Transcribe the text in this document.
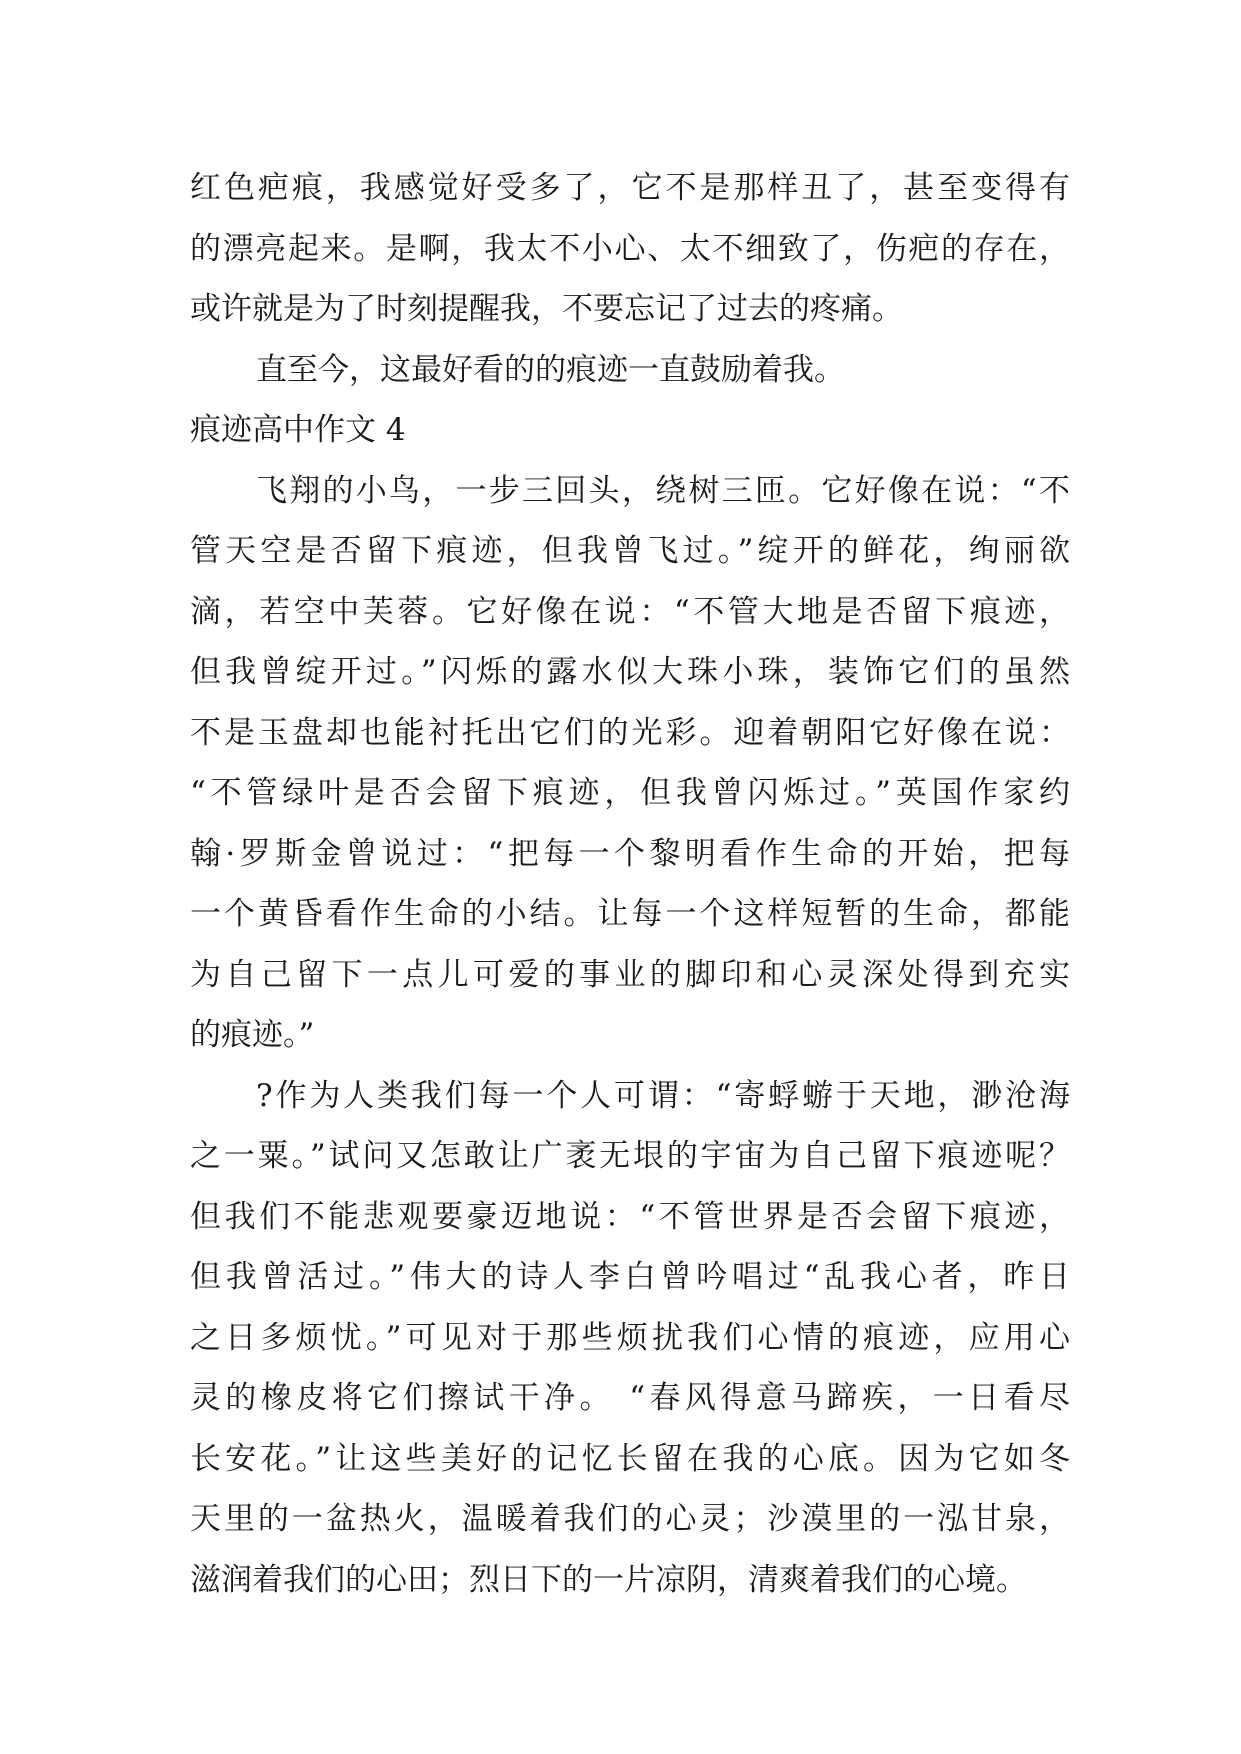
红色疤痕，我感觉好受多了，它不是那样丑了，甚至变得有
的漂亮起来。是啊，我太不小心、太不细致了，伤疤的存在，
或许就是为了时刻提醒我，不要忘记了过去的疼痛。
直至今，这最好看的的痕迹一直鼓励着我。
痕迹高中作文 4
飞翔的小鸟，一步三回头，绕树三匝。它好像在说：“不
管天空是否留下痕迹，但我曾飞过。”绽开的鲜花，绚丽欲
滴，若空中芙蓉。它好像在说：“不管大地是否留下痕迹，
但我曾绽开过。”闪烁的露水似大珠小珠，装饰它们的虽然
不是玉盘却也能衬托出它们的光彩。迎着朝阳它好像在说：
“不管绿叶是否会留下痕迹，但我曾闪烁过。”英国作家约
翰·罗斯金曾说过：“把每一个黎明看作生命的开始，把每
一个黄昏看作生命的小结。让每一个这样短暂的生命，都能
为自己留下一点儿可爱的事业的脚印和心灵深处得到充实
的痕迹。”
?作为人类我们每一个人可谓：“寄蜉蝣于天地，渺沧海
之一粟。”试问又怎敢让广袤无垠的宇宙为自己留下痕迹呢？
但我们不能悲观要豪迈地说：“不管世界是否会留下痕迹，
但我曾活过。”伟大的诗人李白曾吟唱过“乱我心者，昨日
之日多烦忧。”可见对于那些烦扰我们心情的痕迹，应用心
灵的橡皮将它们擦试干净。 “春风得意马蹄疾，一日看尽
长安花。”让这些美好的记忆长留在我的心底。因为它如冬
天里的一盆热火，温暖着我们的心灵；沙漠里的一泓甘泉，
滋润着我们的心田；烈日下的一片凉阴，清爽着我们的心境。
